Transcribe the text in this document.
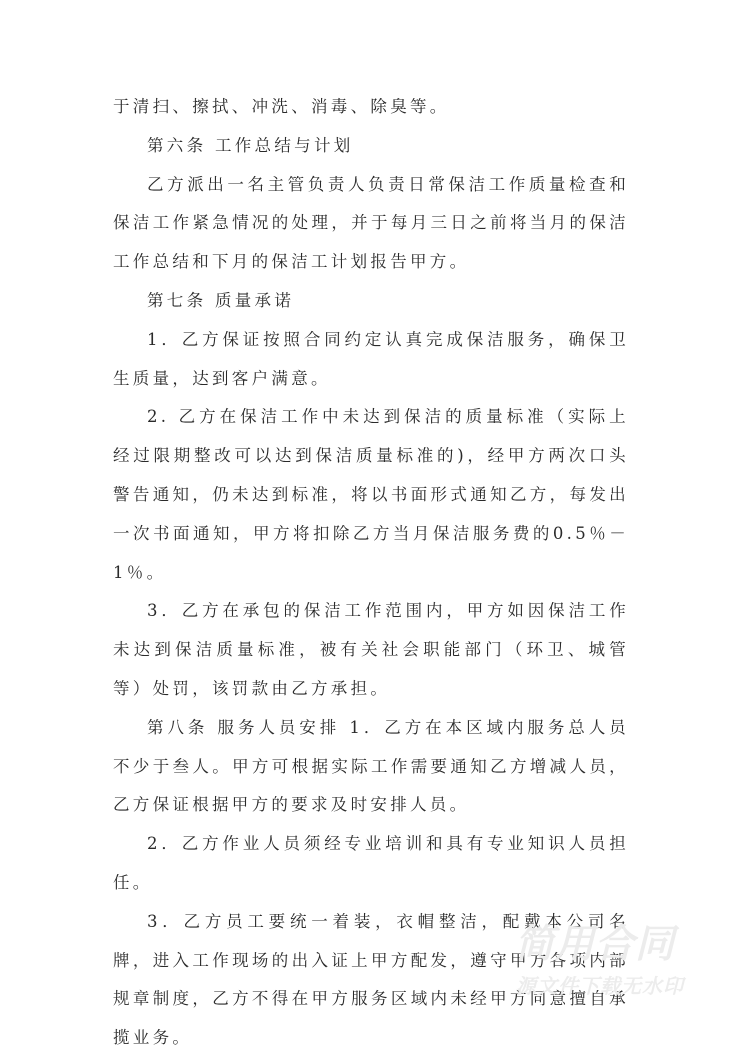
于清扫、擦拭、冲洗、消毒、除臭等。

第六条 工作总结与计划

乙方派出一名主管负责人负责日常保洁工作质量检查和保洁工作紧急情况的处理，并于每月三日之前将当月的保洁工作总结和下月的保洁工计划报告甲方。

第七条 质量承诺

1．乙方保证按照合同约定认真完成保洁服务，确保卫生质量，达到客户满意。

2. 乙方在保洁工作中未达到保洁的质量标准（实际上经过限期整改可以达到保洁质量标准的)，经甲方两次口头警告通知，仍未达到标准，将以书面形式通知乙方，每发出一次书面通知，甲方将扣除乙方当月保洁服务费的0.5％－1％。

3．乙方在承包的保洁工作范围内，甲方如因保洁工作未达到保洁质量标准，被有关社会职能部门（环卫、城管等）处罚，该罚款由乙方承担。

第八条 服务人员安排 1．乙方在本区域内服务总人员不少于叁人。甲方可根据实际工作需要通知乙方增减人员，乙方保证根据甲方的要求及时安排人员。

2．乙方作业人员须经专业培训和具有专业知识人员担任。

3．乙方员工要统一着装，衣帽整洁，配戴本公司名牌，进入工作现场的出入证上甲方配发，遵守甲方各项内部规章制度，乙方不得在甲方服务区域内未经甲方同意擅自承揽业务。

简用合同
源文件下载无水印
